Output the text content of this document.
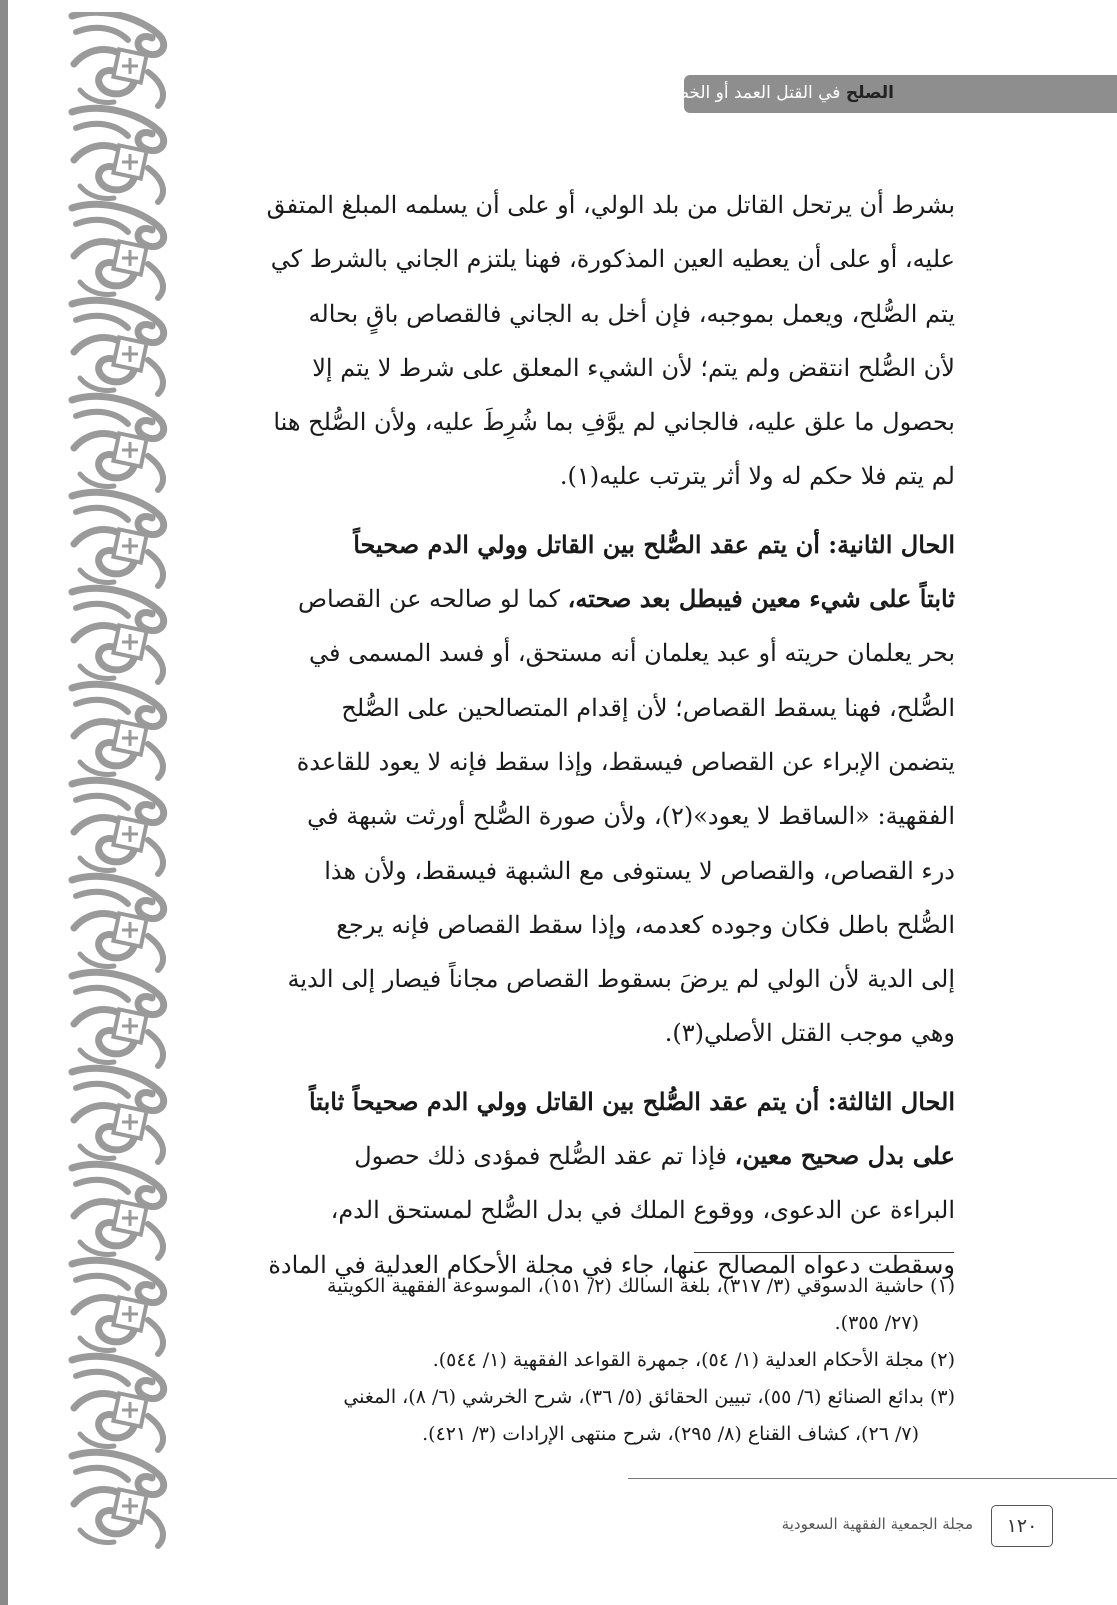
الصلح في القتل العمد أو الخطأ

بشرط أن يرتحل القاتل من بلد الولي، أو على أن يسلمه المبلغ المتفق

عليه، أو على أن يعطيه العين المذكورة، فهنا يلتزم الجاني بالشرط كي

يتم الصُّلح، ويعمل بموجبه، فإن أخل به الجاني فالقصاص باقٍ بحاله

لأن الصُّلح انتقض ولم يتم؛ لأن الشيء المعلق على شرط لا يتم إلا

بحصول ما علق عليه، فالجاني لم يوَّفِ بما شُرِطَ عليه، ولأن الصُّلح هنا

لم يتم فلا حكم له ولا أثر يترتب عليه(١).

الحال الثانية: أن يتم عقد الصُّلح بين القاتل وولي الدم صحيحاً

ثابتاً على شيء معين فيبطل بعد صحته، كما لو صالحه عن القصاص

بحر يعلمان حريته أو عبد يعلمان أنه مستحق، أو فسد المسمى في

الصُّلح، فهنا يسقط القصاص؛ لأن إقدام المتصالحين على الصُّلح

يتضمن الإبراء عن القصاص فيسقط، وإذا سقط فإنه لا يعود للقاعدة

الفقهية: «الساقط لا يعود»(٢)، ولأن صورة الصُّلح أورثت شبهة في

درء القصاص، والقصاص لا يستوفى مع الشبهة فيسقط، ولأن هذا

الصُّلح باطل فكان وجوده كعدمه، وإذا سقط القصاص فإنه يرجع

إلى الدية لأن الولي لم يرضَ بسقوط القصاص مجاناً فيصار إلى الدية

وهي موجب القتل الأصلي(٣).

الحال الثالثة: أن يتم عقد الصُّلح بين القاتل وولي الدم صحيحاً ثابتاً

على بدل صحيح معين، فإذا تم عقد الصُّلح فمؤدى ذلك حصول

البراءة عن الدعوى، ووقوع الملك في بدل الصُّلح لمستحق الدم،

وسقطت دعواه المصالح عنها، جاء في مجلة الأحكام العدلية في المادة

(١) حاشية الدسوقي (٣/ ٣١٧)، بلغة السالك (٢/ ١٥١)، الموسوعة الفقهية الكويتية

(٢٧/ ٣٥٥).

(٢) مجلة الأحكام العدلية (١/ ٥٤)، جمهرة القواعد الفقهية (١/ ٥٤٤).

(٣) بدائع الصنائع (٦/ ٥٥)، تبيين الحقائق (٥/ ٣٦)، شرح الخرشي (٦/ ٨)، المغني

(٧/ ٢٦)، كشاف القناع (٨/ ٢٩٥)، شرح منتهى الإرادات (٣/ ٤٢١).

١٢٠
مجلة الجمعية الفقهية السعودية
